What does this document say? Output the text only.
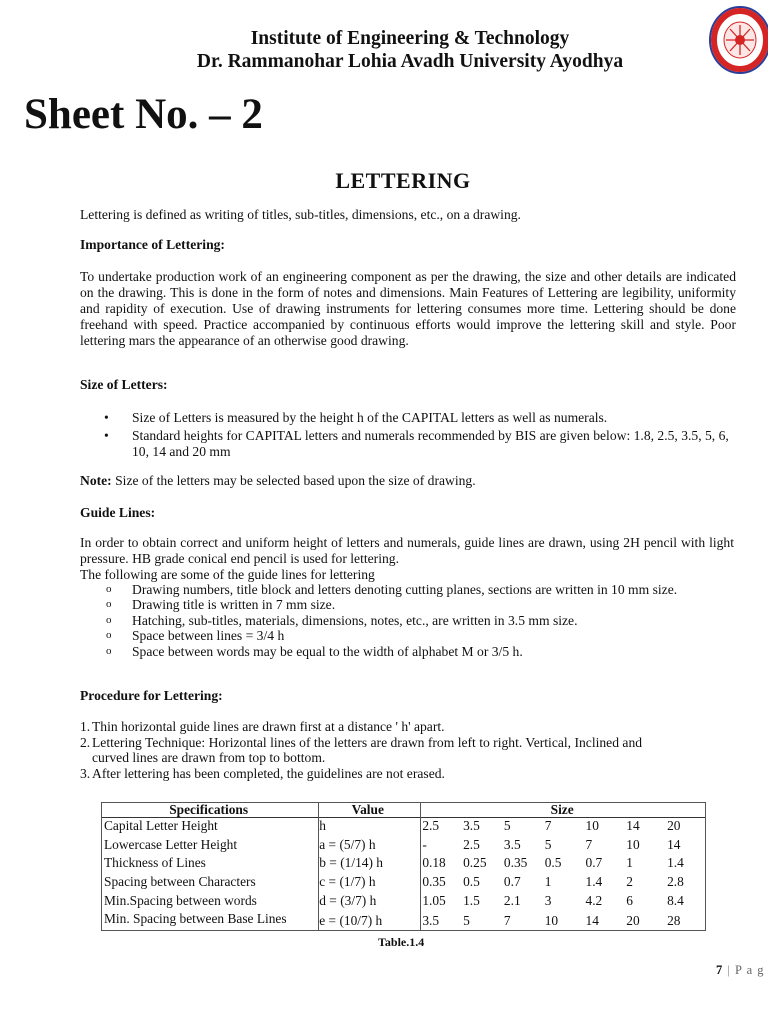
Institute of Engineering & Technology
Dr. Rammanohar Lohia Avadh University Ayodhya
Sheet No. – 2
LETTERING
Lettering is defined as writing of titles, sub-titles, dimensions, etc., on a drawing.
Importance of Lettering:
To undertake production work of an engineering component as per the drawing, the size and other details are indicated on the drawing. This is done in the form of notes and dimensions. Main Features of Lettering are legibility, uniformity and rapidity of execution. Use of drawing instruments for lettering consumes more time. Lettering should be done freehand with speed. Practice accompanied by continuous efforts would improve the lettering skill and style. Poor lettering mars the appearance of an otherwise good drawing.
Size of Letters:
• Size of Letters is measured by the height h of the CAPITAL letters as well as numerals.
• Standard heights for CAPITAL letters and numerals recommended by BIS are given below: 1.8, 2.5, 3.5, 5, 6, 10, 14 and 20 mm
Note: Size of the letters may be selected based upon the size of drawing.
Guide Lines:
In order to obtain correct and uniform height of letters and numerals, guide lines are drawn, using 2H pencil with light pressure. HB grade conical end pencil is used for lettering.
The following are some of the guide lines for lettering
o Drawing numbers, title block and letters denoting cutting planes, sections are written in 10 mm size.
o Drawing title is written in 7 mm size.
o Hatching, sub-titles, materials, dimensions, notes, etc., are written in 3.5 mm size.
o Space between lines = 3/4 h
o Space between words may be equal to the width of alphabet M or 3/5 h.
Procedure for Lettering:
1. Thin horizontal guide lines are drawn first at a distance ' h' apart.
2. Lettering Technique: Horizontal lines of the letters are drawn from left to right. Vertical, Inclined and curved lines are drawn from top to bottom.
3. After lettering has been completed, the guidelines are not erased.
Specifications	Value	Size						
Capital Letter Height	h	2.5	3.5	5	7	10	14	20
Lowercase Letter Height	a = (5/7) h	-	2.5	3.5	5	7	10	14
Thickness of Lines	b = (1/14) h	0.18	0.25	0.35	0.5	0.7	1	1.4
Spacing between Characters	c = (1/7) h	0.35	0.5	0.7	1	1.4	2	2.8
Min.Spacing between words	d = (3/7) h	1.05	1.5	2.1	3	4.2	6	8.4
Min. Spacing between Base Lines	e = (10/7) h	3.5	5	7	10	14	20	28
Table.1.4
7 | P a g
